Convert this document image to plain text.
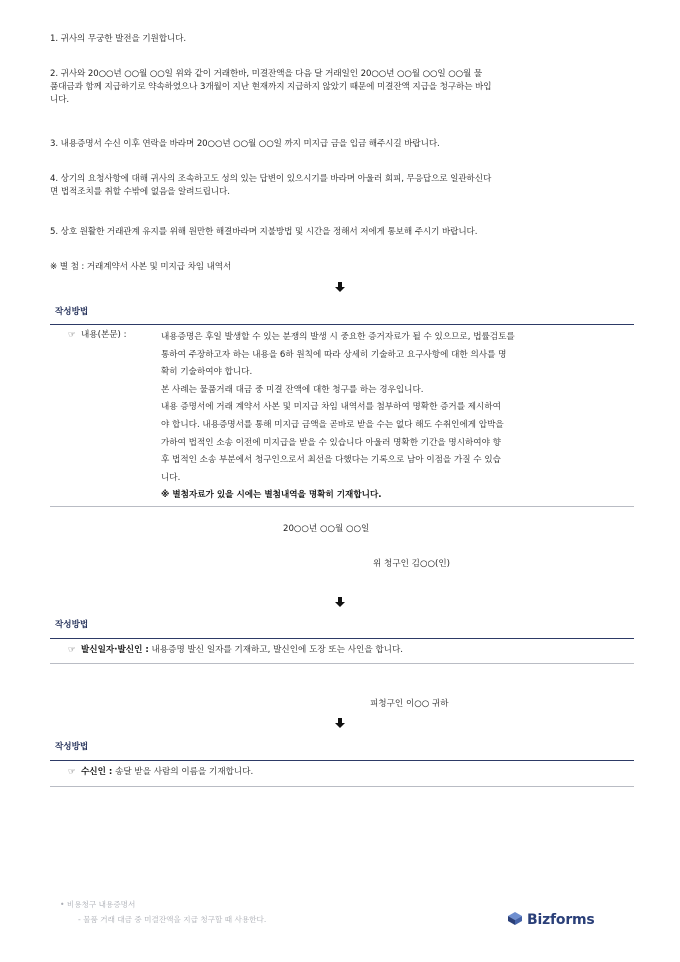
1. 귀사의 무궁한 발전을 기원합니다.

2. 귀사와 20○○년 ○○월 ○○일 위와 같이 거래한바, 미결잔액을 다음 달 거래일인 20○○년 ○○월 ○○일 ○○월 물

품대금과 함께 지급하기로 약속하였으나 3개월이 지난 현재까지 지급하지 않았기 때문에 미결잔액 지급을 청구하는 바입

니다.

3. 내용증명서 수신 이후 연락을 바라며 20○○년 ○○월 ○○일 까지 미지급 금을 입금 해주시길 바랍니다.

4. 상기의 요청사항에 대해 귀사의 조속하고도 성의 있는 답변이 있으시기를 바라며 아울러 회피, 무응답으로 일관하신다

면 법적조치를 취할 수밖에 없음을 알려드립니다.

5. 상호 원활한 거래관계 유지를 위해 원만한 해결바라며 지불방법 및 시간을 정해서 저에게 통보해 주시기 바랍니다.

※ 별 첨 : 거래계약서 사본 및 미지급 차임 내역서

작성방법
☞ 내용(본문) :	내용증명은 후일 발생할 수 있는 분쟁의 발생 시 중요한 증거자료가 될 수 있으므로, 법률검토를

통하여 주장하고자 하는 내용을 6하 원칙에 따라 상세히 기술하고 요구사항에 대한 의사를 명

확히 기술하여야 합니다.

본 사례는 물품거래 대금 중 미결 잔액에 대한 청구를 하는 경우입니다.

내용 증명서에 거래 계약서 사본 및 미지급 차임 내역서를 첨부하여 명확한 증거를 제시하여

야 합니다. 내용증명서를 통해 미지급 금액을 곧바로 받을 수는 없다 해도 수취인에게 압박을

가하여 법적인 소송 이전에 미지급을 받을 수 있습니다 아울러 명확한 기간을 명시하여야 향

후 법적인 소송 부분에서 청구인으로서 최선을 다했다는 기록으로 남아 이점을 가질 수 있습

니다.

※ 별첨자료가 있을 시에는 별첨내역을 명확히 기재합니다.

20○○년 ○○월 ○○일
위 청구인 김○○(인)
작성방법
☞ 발신일자·발신인 : 내용증명 발신 일자를 기재하고, 발신인에 도장 또는 사인을 합니다.
피청구인 이○○ 귀하
작성방법
☞ 수신인 : 송달 받을 사람의 이름을 기재합니다.
• 비용청구 내용증명서
- 물품 거래 대금 중 미결잔액을 지급 청구할 때 사용한다.	Bizforms
